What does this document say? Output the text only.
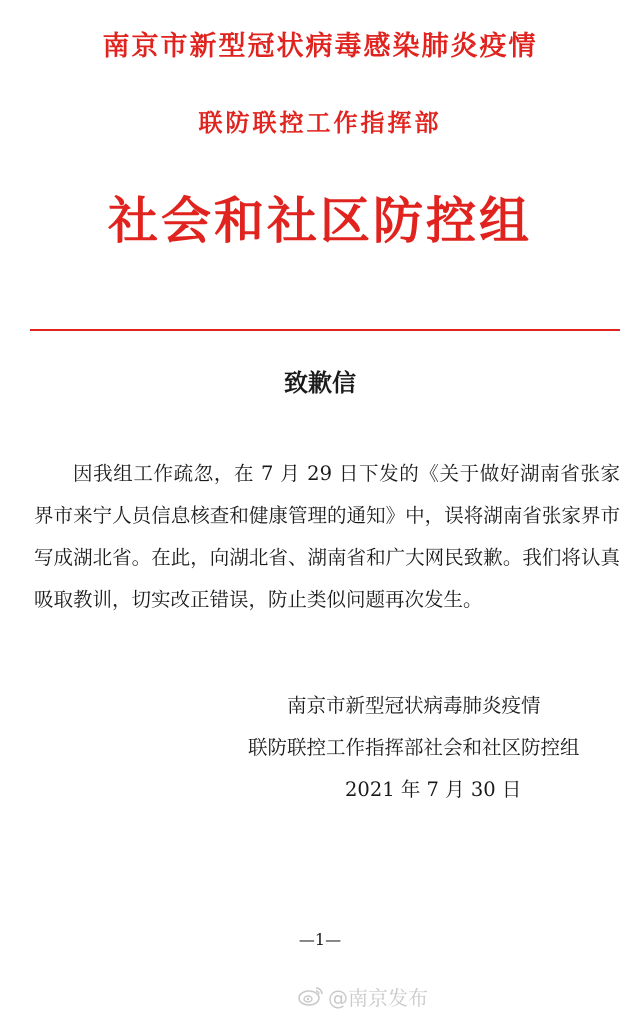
南京市新型冠状病毒感染肺炎疫情
联防联控工作指挥部
社会和社区防控组
致歉信

因我组工作疏忽，在 7 月 29 日下发的《关于做好湖南省张家界市来宁人员信息核查和健康管理的通知》中，误将湖南省张家界市写成湖北省。在此，向湖北省、湖南省和广大网民致歉。我们将认真吸取教训，切实改正错误，防止类似问题再次发生。

南京市新型冠状病毒肺炎疫情
联防联控工作指挥部社会和社区防控组
2021 年 7 月 30 日
—1—
@南京发布
